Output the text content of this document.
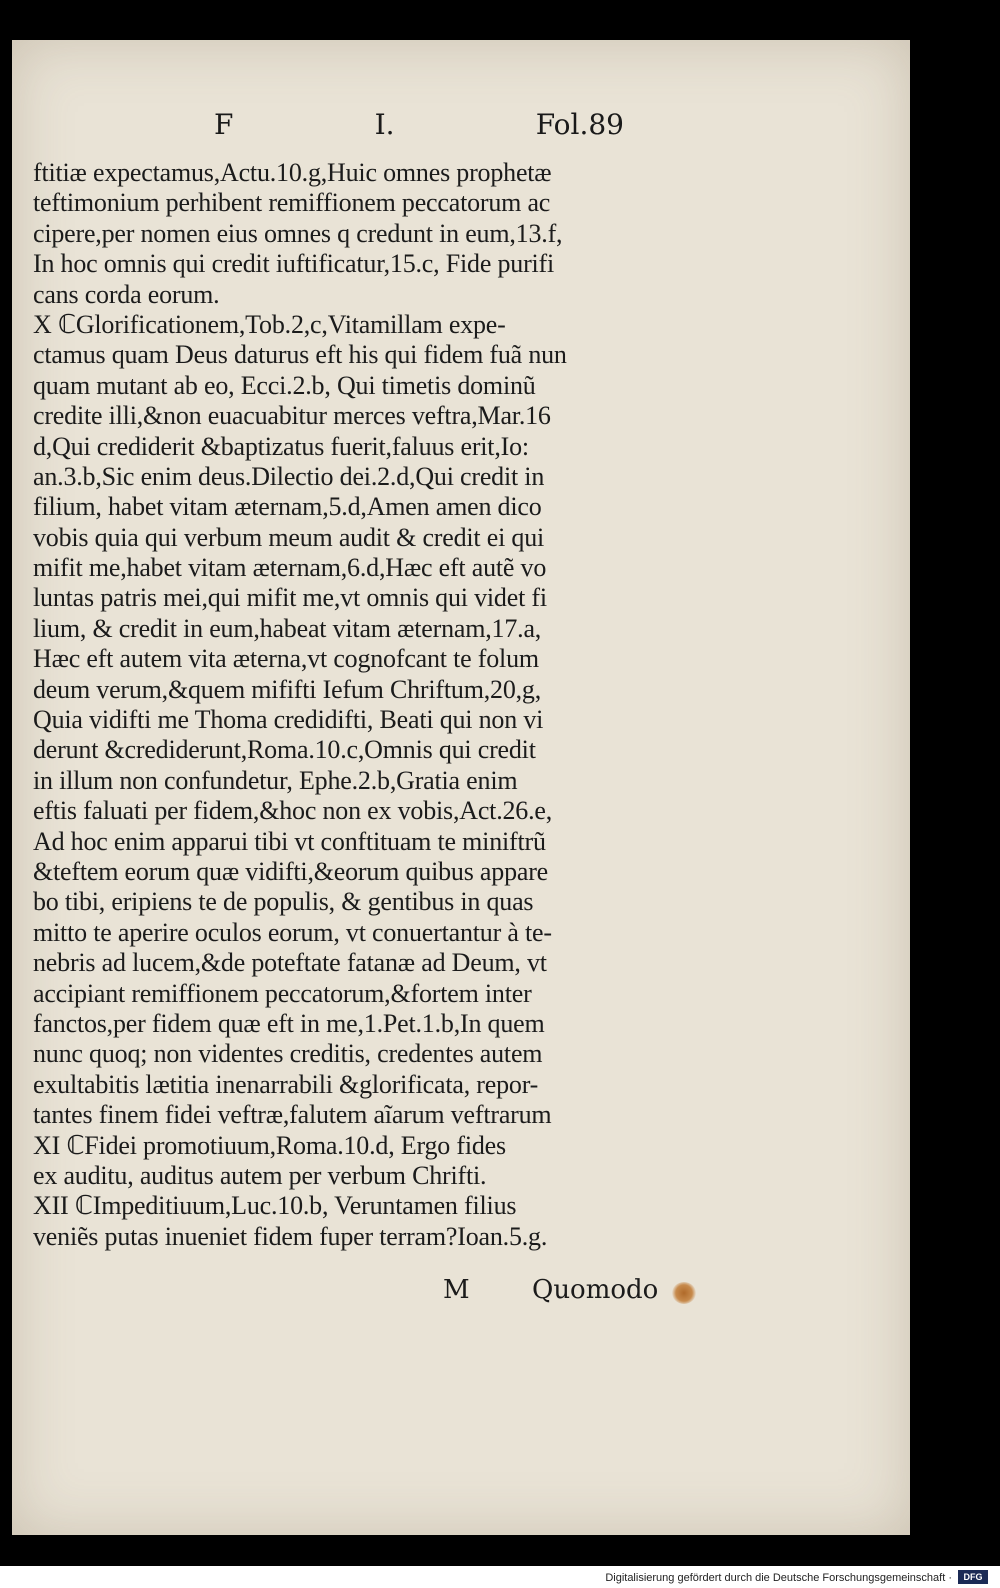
F	I.	Fol.89
ftitiæ expectamus,Actu.10.g,Huic omnes prophetæ
teftimonium perhibent remiffionem peccatorum ac
cipere,per nomen eius omnes q credunt in eum,13.f,
In hoc omnis qui credit iuftificatur,15.c, Fide purifi
cans corda eorum.
X ℂGlorificationem,Tob.2,c,Vitamillam expe-
ctamus quam Deus daturus eft his qui fidem fuã nun
quam mutant ab eo, Ecci.2.b, Qui timetis dominũ
credite illi,&non euacuabitur merces veftra,Mar.16
d,Qui crediderit &baptizatus fuerit,faluus erit,Io:
an.3.b,Sic enim deus.Dilectio dei.2.d,Qui credit in
filium, habet vitam æternam,5.d,Amen amen dico
vobis quia qui verbum meum audit & credit ei qui
mifit me,habet vitam æternam,6.d,Hæc eft autẽ vo
luntas patris mei,qui mifit me,vt omnis qui videt fi
lium, & credit in eum,habeat vitam æternam,17.a,
Hæc eft autem vita æterna,vt cognofcant te folum
deum verum,&quem mififti Iefum Chriftum,20,g,
Quia vidifti me Thoma credidifti, Beati qui non vi
derunt &crediderunt,Roma.10.c,Omnis qui credit
in illum non confundetur, Ephe.2.b,Gratia enim
eftis faluati per fidem,&hoc non ex vobis,Act.26.e,
Ad hoc enim apparui tibi vt conftituam te miniftrũ
&teftem eorum quæ vidifti,&eorum quibus appare
bo tibi, eripiens te de populis, & gentibus in quas
mitto te aperire oculos eorum, vt conuertantur à te-
nebris ad lucem,&de poteftate fatanæ ad Deum, vt
accipiant remiffionem peccatorum,&fortem inter
fanctos,per fidem quæ eft in me,1.Pet.1.b,In quem
nunc quoq; non videntes creditis, credentes autem
exultabitis lætitia inenarrabili &glorificata, repor-
tantes finem fidei veftræ,falutem aĩarum veftrarum
XI ℂFidei promotiuum,Roma.10.d, Ergo fides
ex auditu, auditus autem per verbum Chrifti.
XII ℂImpeditiuum,Luc.10.b, Veruntamen filius
veniẽs putas inueniet fidem fuper terram?Ioan.5.g.
M Quomodo
Digitalisierung gefördert durch die Deutsche Forschungsgemeinschaft ·	DFG
